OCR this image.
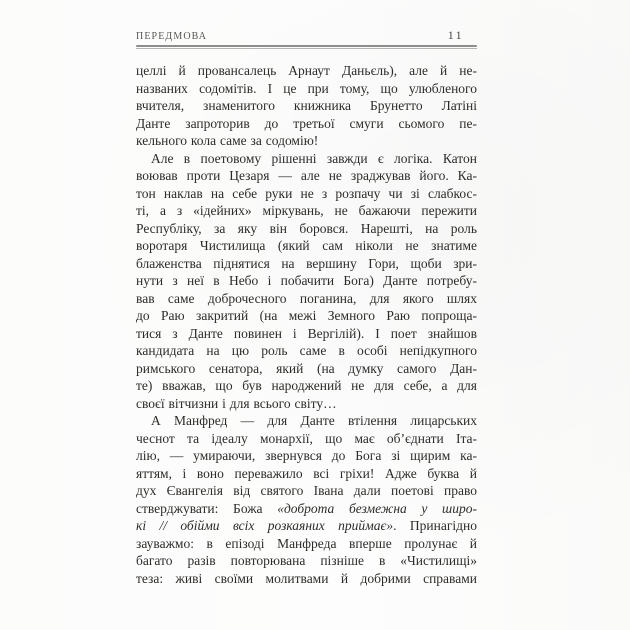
ПЕРЕДМОВА	11
целлі й провансалець Арнаут Даньєль), але й не-
названих содомітів. І це при тому, що улюбленого
вчителя, знаменитого книжника Брунетто Латіні
Данте запроторив до третьої смуги сьомого пе-
кельного кола саме за содомію!
Але в поетовому рішенні завжди є логіка. Катон
воював проти Цезаря — але не зраджував його. Ка-
тон наклав на себе руки не з розпачу чи зі слабкос-
ті, а з «ідейних» міркувань, не бажаючи пережити
Республіку, за яку він боровся. Нарешті, на роль
воротаря Чистилища (який сам ніколи не знатиме
блаженства піднятися на вершину Гори, щоби зри-
нути з неї в Небо і побачити Бога) Данте потребу-
вав саме доброчесного поганина, для якого шлях
до Раю закритий (на межі Земного Раю попроща-
тися з Данте повинен і Вергілій). І поет знайшов
кандидата на цю роль саме в особі непідкупного
римського сенатора, який (на думку самого Дан-
те) вважав, що був народжений не для себе, а для
своєї вітчизни і для всього світу…
А Манфред — для Данте втілення лицарських
чеснот та ідеалу монархії, що має об’єднати Іта-
лію, — умираючи, звернувся до Бога зі щирим ка-
яттям, і воно переважило всі гріхи! Адже буква й
дух Євангелія від святого Івана дали поетові право
стверджувати: Божа «доброта безмежна у широ-
кі // обійми всіх розкаяних приймає». Принагідно
зауважмо: в епізоді Манфреда вперше пролунає й
багато разів повторювана пізніше в «Чистилищі»
теза: живі своїми молитвами й добрими справами
